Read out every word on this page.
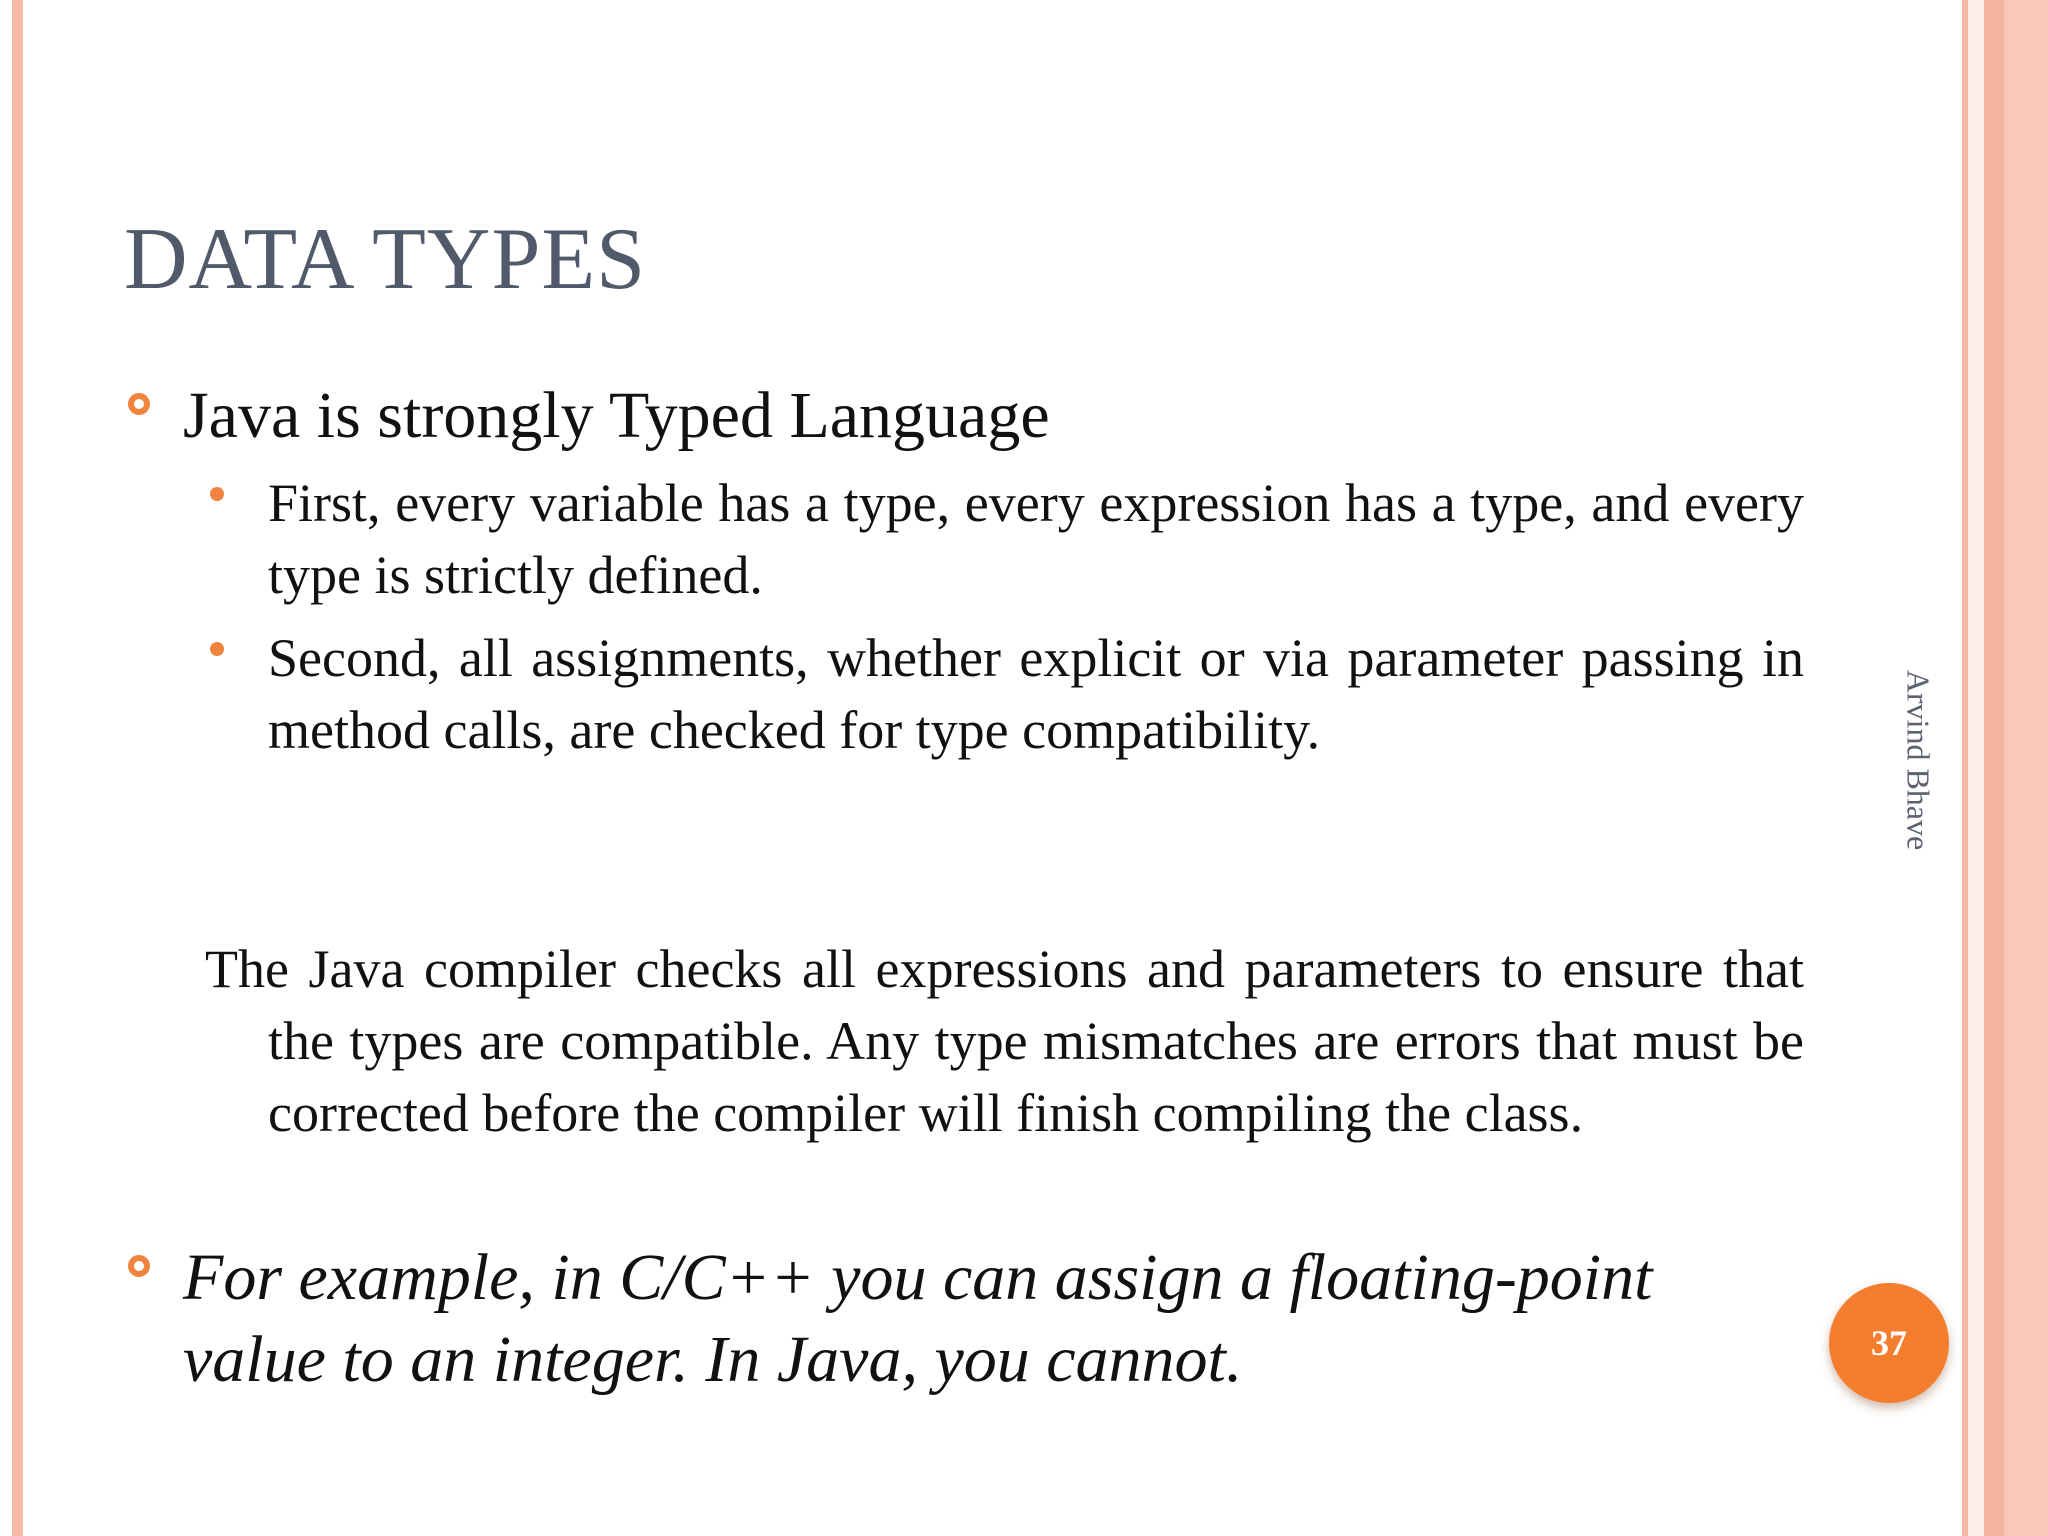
DATA TYPES
Java is strongly Typed Language
First, every variable has a type, every expression has a type, and every type is strictly defined.
Second, all assignments, whether explicit or via parameter passing in method calls, are checked for type compatibility.
The Java compiler checks all expressions and parameters to ensure that the types are compatible. Any type mismatches are errors that must be corrected before the compiler will finish compiling the class.
For example, in C/C++ you can assign a floating-point value to an integer. In Java, you cannot.
Arvind Bhave
37
